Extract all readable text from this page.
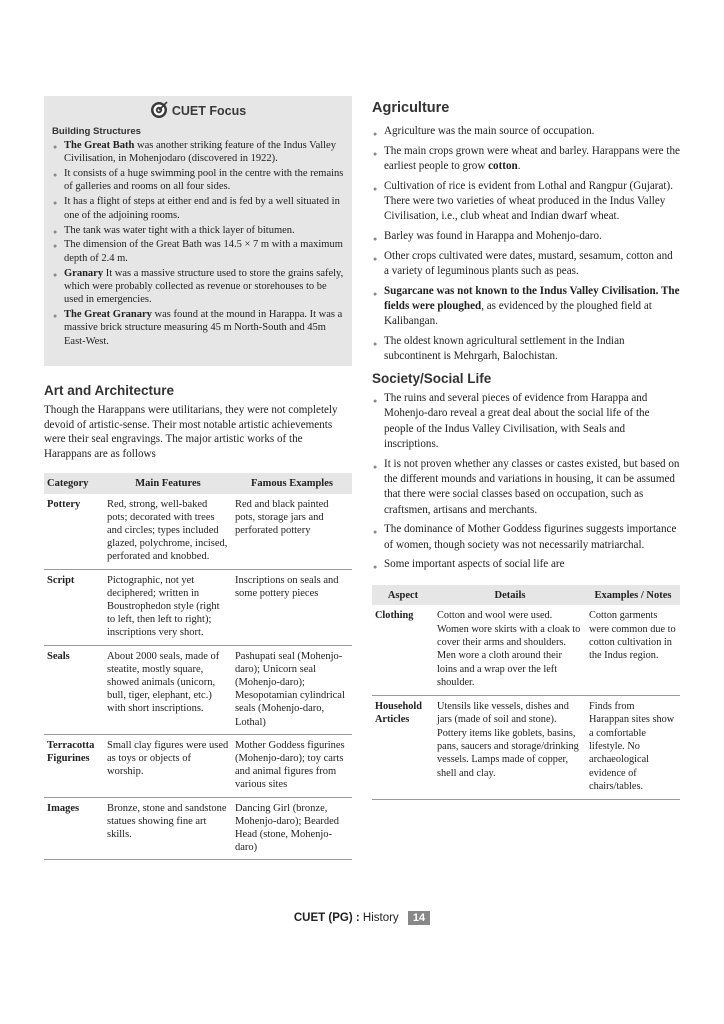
CUET Focus
Building Structures
● The Great Bath was another striking feature of the Indus Valley Civilisation, in Mohenjodaro (discovered in 1922).
● It consists of a huge swimming pool in the centre with the remains of galleries and rooms on all four sides.
● It has a flight of steps at either end and is fed by a well situated in one of the adjoining rooms.
● The tank was water tight with a thick layer of bitumen.
● The dimension of the Great Bath was 14.5 × 7 m with a maximum depth of 2.4 m.
● Granary It was a massive structure used to store the grains safely, which were probably collected as revenue or storehouses to be used in emergencies.
● The Great Granary was found at the mound in Harappa. It was a massive brick structure measuring 45 m North-South and 45m East-West.
Art and Architecture
Though the Harappans were utilitarians, they were not completely devoid of artistic-sense. Their most notable artistic achievements were their seal engravings. The major artistic works of the Harappans are as follows
Category	Main Features	Famous Examples
Pottery	Red, strong, well-baked pots; decorated with trees and circles; types included glazed, polychrome, incised, perforated and knobbed.	Red and black painted pots, storage jars and perforated pottery
Script	Pictographic, not yet deciphered; written in Boustrophedon style (right to left, then left to right); inscriptions very short.	Inscriptions on seals and some pottery pieces
Seals	About 2000 seals, made of steatite, mostly square, showed animals (unicorn, bull, tiger, elephant, etc.) with short inscriptions.	Pashupati seal (Mohenjo-daro); Unicorn seal (Mohenjo-daro); Mesopotamian cylindrical seals (Mohenjo-daro, Lothal)
Terracotta Figurines	Small clay figures were used as toys or objects of worship.	Mother Goddess figurines (Mohenjo-daro); toy carts and animal figures from various sites
Images	Bronze, stone and sandstone statues showing fine art skills.	Dancing Girl (bronze, Mohenjo-daro); Bearded Head (stone, Mohenjo-daro)
Agriculture
● Agriculture was the main source of occupation.
● The main crops grown were wheat and barley. Harappans were the earliest people to grow cotton.
● Cultivation of rice is evident from Lothal and Rangpur (Gujarat). There were two varieties of wheat produced in the Indus Valley Civilisation, i.e., club wheat and Indian dwarf wheat.
● Barley was found in Harappa and Mohenjo-daro.
● Other crops cultivated were dates, mustard, sesamum, cotton and a variety of leguminous plants such as peas.
● Sugarcane was not known to the Indus Valley Civilisation. The fields were ploughed, as evidenced by the ploughed field at Kalibangan.
● The oldest known agricultural settlement in the Indian subcontinent is Mehrgarh, Balochistan.
Society/Social Life
● The ruins and several pieces of evidence from Harappa and Mohenjo-daro reveal a great deal about the social life of the people of the Indus Valley Civilisation, with Seals and inscriptions.
● It is not proven whether any classes or castes existed, but based on the different mounds and variations in housing, it can be assumed that there were social classes based on occupation, such as craftsmen, artisans and merchants.
● The dominance of Mother Goddess figurines suggests importance of women, though society was not necessarily matriarchal.
● Some important aspects of social life are
Aspect	Details	Examples / Notes
Clothing	Cotton and wool were used. Women wore skirts with a cloak to cover their arms and shoulders. Men wore a cloth around their loins and a wrap over the left shoulder.	Cotton garments were common due to cotton cultivation in the Indus region.
Household Articles	Utensils like vessels, dishes and jars (made of soil and stone). Pottery items like goblets, basins, pans, saucers and storage/drinking vessels. Lamps made of copper, shell and clay.	Finds from Harappan sites show a comfortable lifestyle. No archaeological evidence of chairs/tables.
CUET (PG) : History 14
